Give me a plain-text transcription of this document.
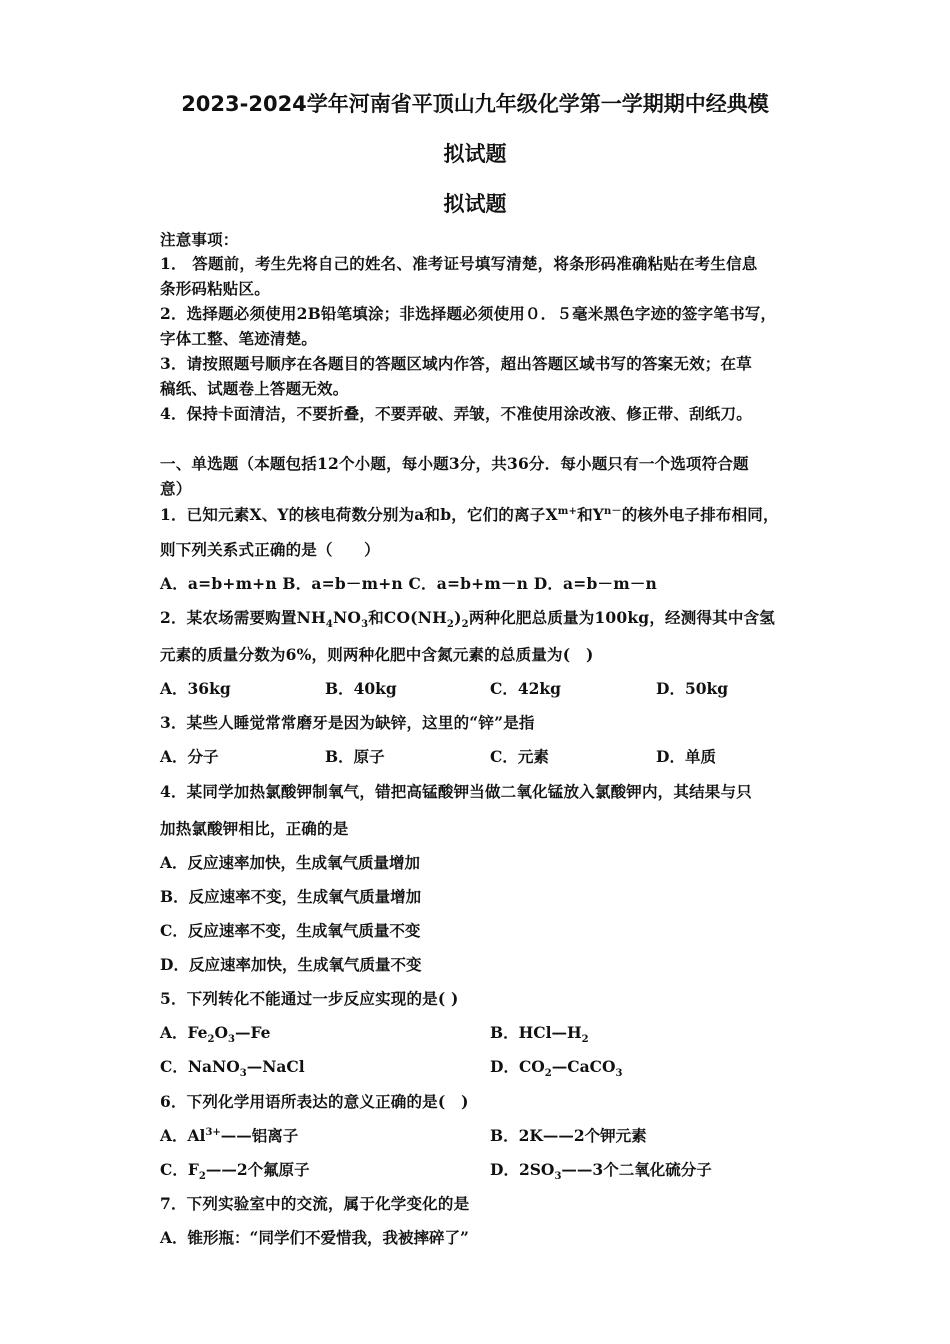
2023-2024学年河南省平顶山九年级化学第一学期期中经典模
拟试题
拟试题
注意事项：
1． 答题前，考生先将自己的姓名、准考证号填写清楚，将条形码准确粘贴在考生信息
条形码粘贴区。
2．选择题必须使用2B铅笔填涂；非选择题必须使用０．５毫米黑色字迹的签字笔书写，
字体工整、笔迹清楚。
3．请按照题号顺序在各题目的答题区域内作答，超出答题区域书写的答案无效；在草
稿纸、试题卷上答题无效。
4．保持卡面清洁，不要折叠，不要弄破、弄皱，不准使用涂改液、修正带、刮纸刀。
一、单选题（本题包括12个小题，每小题3分，共36分．每小题只有一个选项符合题
意）
1．已知元素X、Y的核电荷数分别为a和b，它们的离子$X^{m+}$和$Y^{n-}$的核外电子排布相同，
则下列关系式正确的是（　　）
A．a=b+m+n B．a=b－m+n C．a=b+m－n D．a=b－m－n
2．某农场需要购置$NH_4NO_3$和$CO(NH_2)_2$两种化肥总质量为100kg，经测得其中含氢
元素的质量分数为6%，则两种化肥中含氮元素的总质量为(　)
A．36kg	B．40kg	C．42kg	D．50kg
3．某些人睡觉常常磨牙是因为缺锌，这里的“锌”是指
A．分子	B．原子	C．元素	D．单质
4．某同学加热氯酸钾制氧气，错把高锰酸钾当做二氧化锰放入氯酸钾内，其结果与只
加热氯酸钾相比，正确的是
A．反应速率加快，生成氧气质量增加
B．反应速率不变，生成氧气质量增加
C．反应速率不变，生成氧气质量不变
D．反应速率加快，生成氧气质量不变
5．下列转化不能通过一步反应实现的是( )
A．$Fe_2O_3—Fe$	B．$HCl—H_2$
C．NaNO$_3$—NaCl	D．$CO_2—CaCO_3$
6．下列化学用语所表达的意义正确的是(　)
A．$Al^{3+}——$铝离子	B．2K——2个钾元素
C．$F_2——2$个氟原子	D．$2SO_3——3$个二氧化硫分子
7．下列实验室中的交流，属于化学变化的是
A．锥形瓶：“同学们不爱惜我，我被摔碎了”
